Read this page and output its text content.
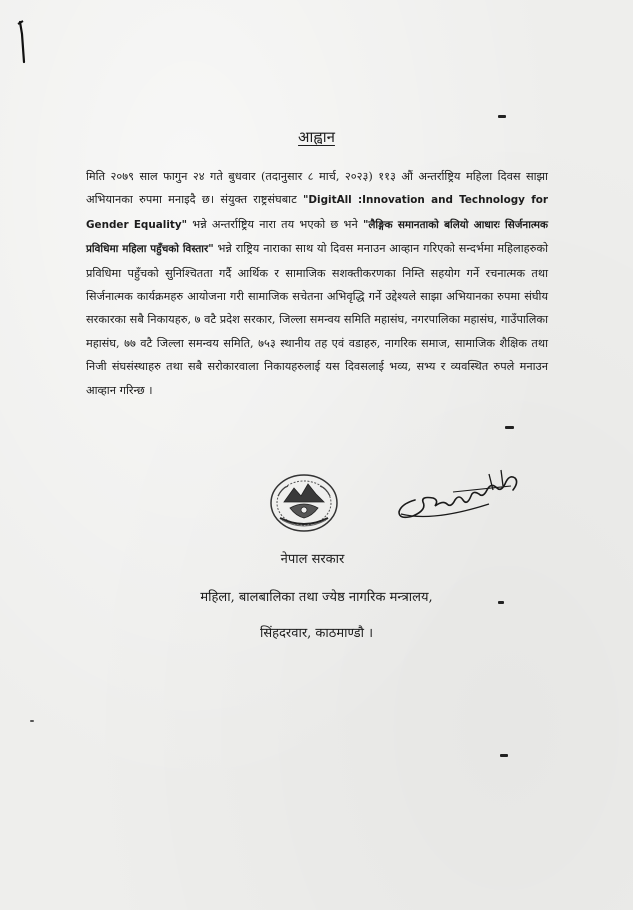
आह्वान
मिति २०७९ साल फागुन २४ गते बुधवार (तदानुसार ८ मार्च, २०२३) ११३ औं अन्तर्राष्ट्रिय महिला दिवस साझा अभियानका रुपमा मनाइदै छ। संयुक्त राष्ट्रसंघबाट "DigitAll :Innovation and Technology for Gender Equality" भन्ने अन्तर्राष्ट्रिय नारा तय भएको छ भने "लैङ्गिक समानताको बलियो आधारः सिर्जनात्मक प्रविधिमा महिला पहुँचको विस्तार" भन्ने राष्ट्रिय नाराका साथ यो दिवस मनाउन आव्हान गरिएको सन्दर्भमा महिलाहरुको प्रविधिमा पहुँचको सुनिश्चितता गर्दै आर्थिक र सामाजिक सशक्तीकरणका निम्ति सहयोग गर्ने रचनात्मक तथा सिर्जनात्मक कार्यक्रमहरु आयोजना गरी सामाजिक सचेतना अभिवृद्धि गर्ने उद्देश्यले साझा अभियानका रुपमा संघीय सरकारका सबै निकायहरु, ७ वटै प्रदेश सरकार, जिल्ला समन्वय समिति महासंघ, नगरपालिका महासंघ, गाउँपालिका महासंघ, ७७ वटै जिल्ला समन्वय समिति, ७५३ स्थानीय तह एवं वडाहरु, नागरिक समाज, सामाजिक शैक्षिक तथा निजी संघसंस्थाहरु तथा सबै सरोकारवाला निकायहरुलाई यस दिवसलाई भव्य, सभ्य र व्यवस्थित रुपले मनाउन आव्हान गरिन्छ ।
नेपाल सरकार
महिला, बालबालिका तथा ज्येष्ठ नागरिक मन्त्रालय,
सिंहदरवार, काठमाण्डौ ।
